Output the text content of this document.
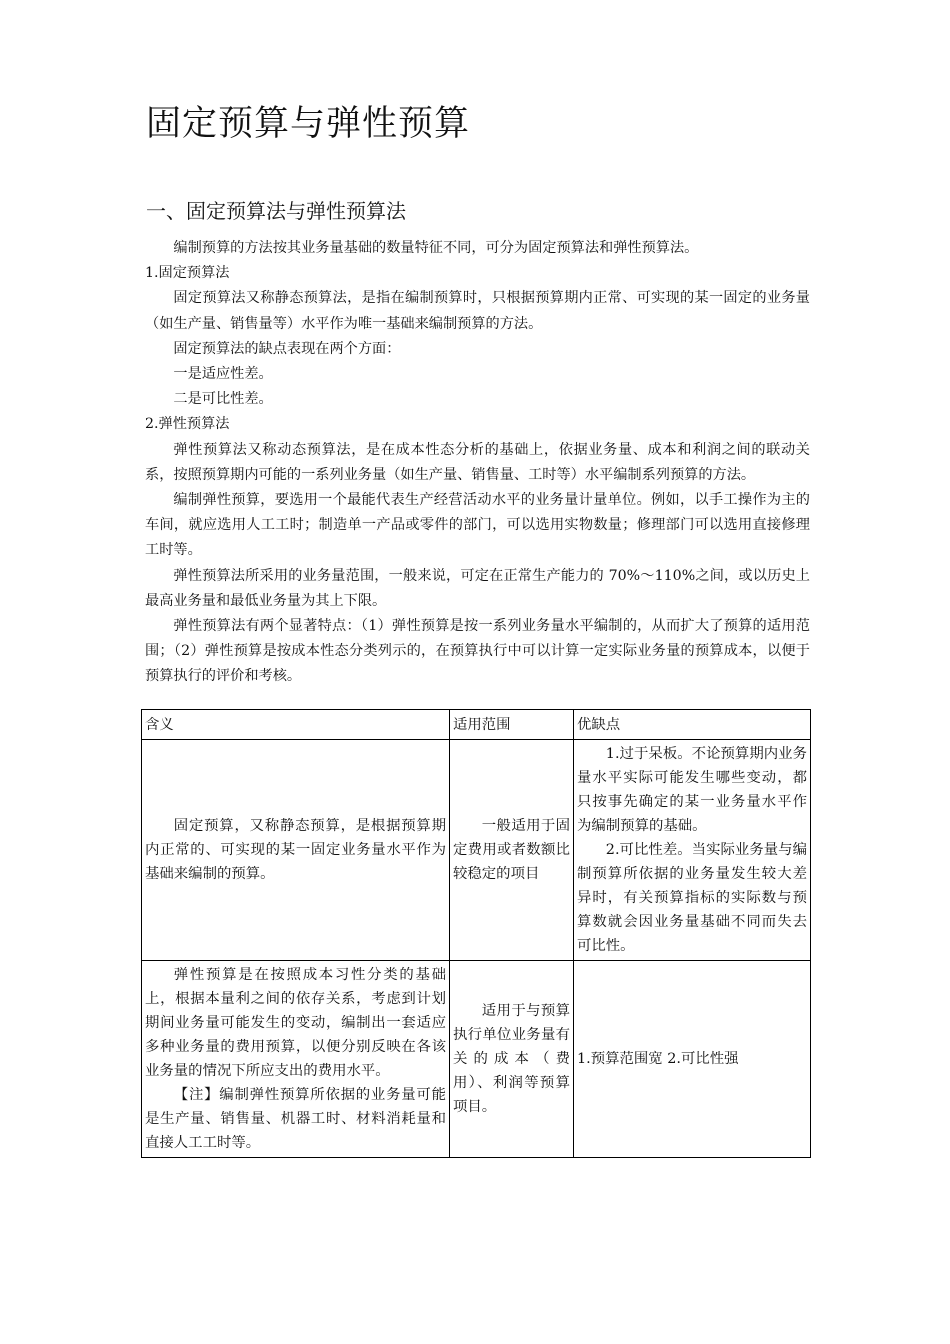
固定预算与弹性预算
一、固定预算法与弹性预算法

编制预算的方法按其业务量基础的数量特征不同，可分为固定预算法和弹性预算法。

1.固定预算法

固定预算法又称静态预算法，是指在编制预算时，只根据预算期内正常、可实现的某一固定的业务量（如生产量、销售量等）水平作为唯一基础来编制预算的方法。

固定预算法的缺点表现在两个方面：

一是适应性差。

二是可比性差。

2.弹性预算法

弹性预算法又称动态预算法，是在成本性态分析的基础上，依据业务量、成本和利润之间的联动关系，按照预算期内可能的一系列业务量（如生产量、销售量、工时等）水平编制系列预算的方法。

编制弹性预算，要选用一个最能代表生产经营活动水平的业务量计量单位。例如，以手工操作为主的车间，就应选用人工工时；制造单一产品或零件的部门，可以选用实物数量；修理部门可以选用直接修理工时等。

弹性预算法所采用的业务量范围，一般来说，可定在正常生产能力的 70%～110%之间，或以历史上最高业务量和最低业务量为其上下限。

弹性预算法有两个显著特点：（1）弹性预算是按一系列业务量水平编制的，从而扩大了预算的适用范围；（2）弹性预算是按成本性态分类列示的，在预算执行中可以计算一定实际业务量的预算成本，以便于预算执行的评价和考核。

含义	适用范围	优缺点

固定预算，又称静态预算，是根据预算期内正常的、可实现的某一固定业务量水平作为基础来编制的预算。	一般适用于固定费用或者数额比较稳定的项目	1.过于呆板。不论预算期内业务量水平实际可能发生哪些变动，都只按事先确定的某一业务量水平作为编制预算的基础。

2.可比性差。当实际业务量与编制预算所依据的业务量发生较大差异时，有关预算指标的实际数与预算数就会因业务量基础不同而失去可比性。

弹性预算是在按照成本习性分类的基础上，根据本量利之间的依存关系，考虑到计划期间业务量可能发生的变动，编制出一套适应多种业务量的费用预算，以便分别反映在各该业务量的情况下所应支出的费用水平。

【注】编制弹性预算所依据的业务量可能是生产量、销售量、机器工时、材料消耗量和直接人工工时等。	适用于与预算执行单位业务量有关的成本（费用）、利润等预算项目。	1.预算范围宽 2.可比性强
